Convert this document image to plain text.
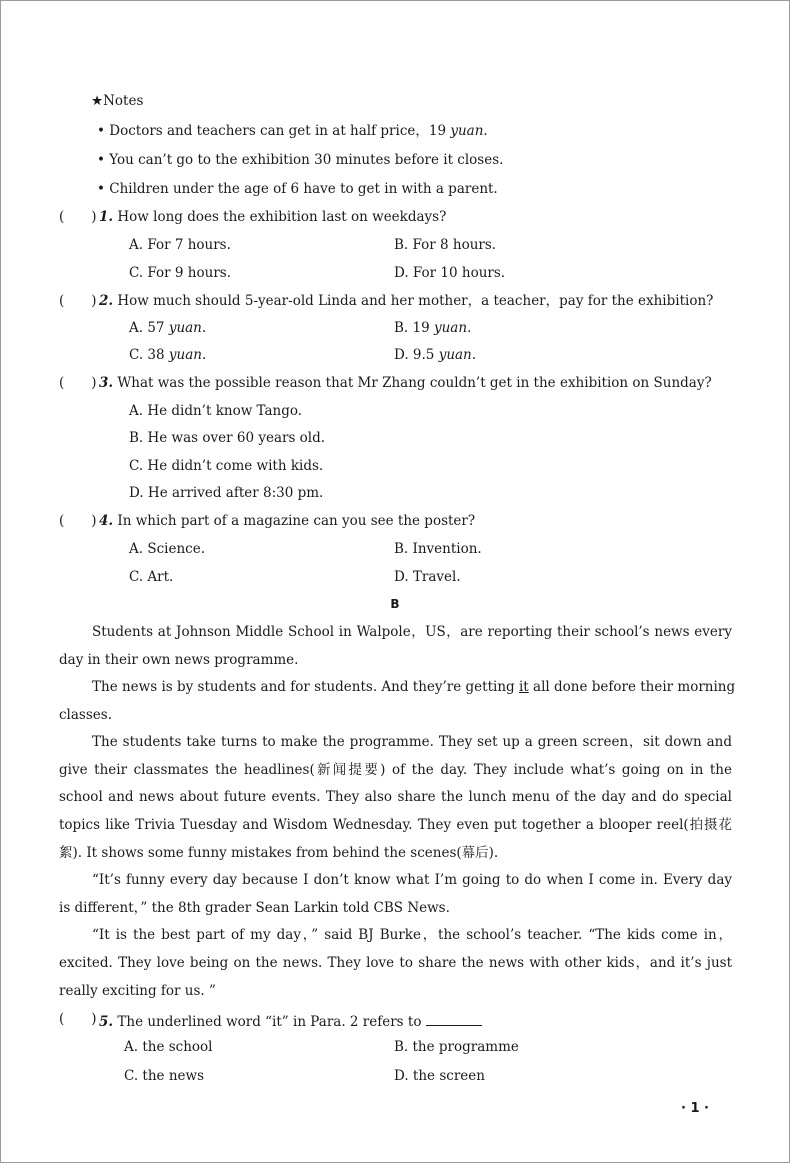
★Notes
• Doctors and teachers can get in at half price，19 yuan.
• You can’t go to the exhibition 30 minutes before it closes.
• Children under the age of 6 have to get in with a parent.
(　　) 1. How long does the exhibition last on weekdays?
A. For 7 hours.	B. For 8 hours.
C. For 9 hours.	D. For 10 hours.
(　　) 2. How much should 5-year-old Linda and her mother，a teacher，pay for the exhibition?
A. 57 yuan.	B. 19 yuan.
C. 38 yuan.	D. 9.5 yuan.
(　　) 3. What was the possible reason that Mr Zhang couldn’t get in the exhibition on Sunday?
A. He didn’t know Tango.
B. He was over 60 years old.
C. He didn’t come with kids.
D. He arrived after 8:30 pm.
(　　) 4. In which part of a magazine can you see the poster?
A. Science.	B. Invention.
C. Art.	D. Travel.
B
Students at Johnson Middle School in Walpole，US，are reporting their school’s news every
day in their own news programme.
The news is by students and for students. And they’re getting it all done before their morning
classes.
The students take turns to make the programme. They set up a green screen，sit down and
give their classmates the headlines(新闻提要) of the day. They include what’s going on in the
school and news about future events. They also share the lunch menu of the day and do special
topics like Trivia Tuesday and Wisdom Wednesday. They even put together a blooper reel(拍摄花
絮). It shows some funny mistakes from behind the scenes(幕后).
“It’s funny every day because I don’t know what I’m going to do when I come in. Every day
is different，” the 8th grader Sean Larkin told CBS News.
“It is the best part of my day，” said BJ Burke，the school’s teacher. “The kids come in，
excited. They love being on the news. They love to share the news with other kids，and it’s just
really exciting for us. ”
(　　) 5. The underlined word “it” in Para. 2 refers to
A. the school	B. the programme
C. the news	D. the screen
· 1 ·
